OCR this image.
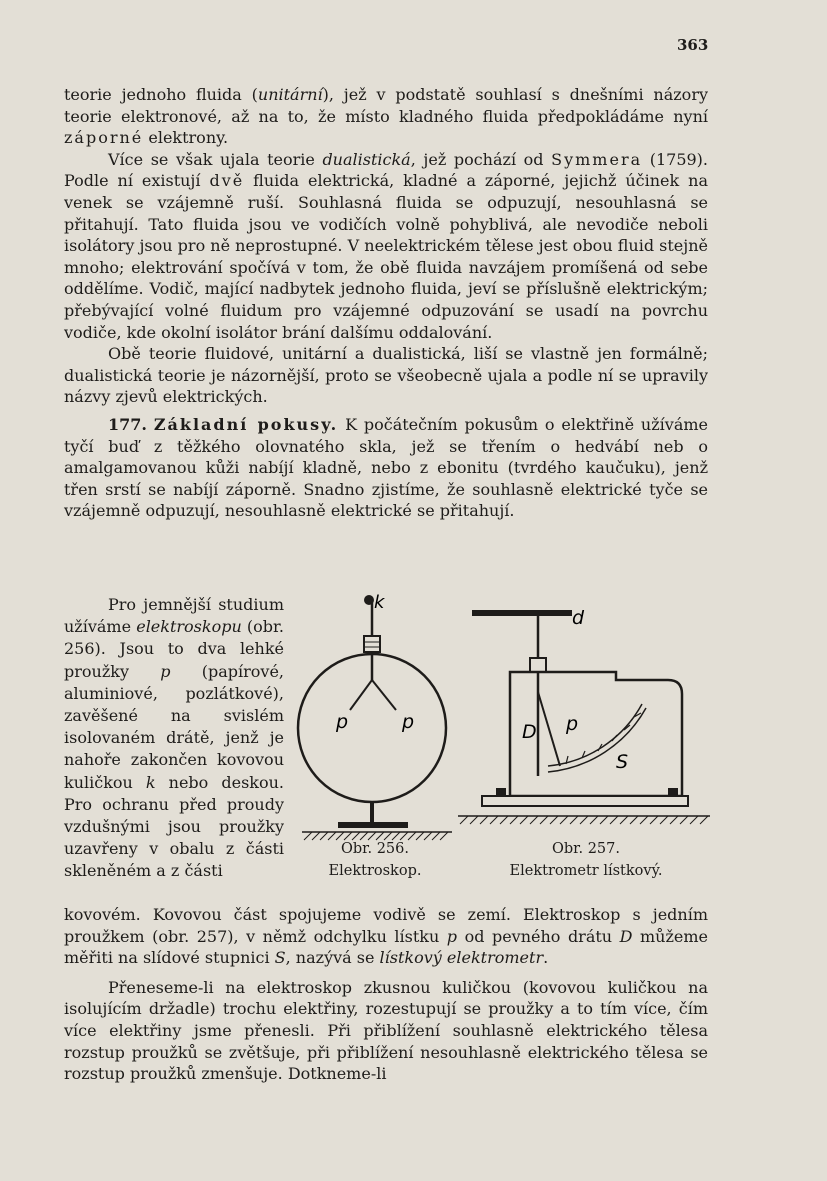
363

teorie jednoho fluida (unitární), jež v podstatě souhlasí s dnešními názory teorie elektronové, až na to, že místo kladného fluida předpokládáme nyní záporné elektrony.

Více se však ujala teorie dualistická, jež pochází od Symmera (1759). Podle ní existují dvě fluida elektrická, kladné a záporné, jejichž účinek na venek se vzájemně ruší. Souhlasná fluida se odpuzují, nesouhlasná se přitahují. Tato fluida jsou ve vodičích volně pohyblivá, ale nevodiče neboli isolátory jsou pro ně neprostupné. V neelektrickém tělese jest obou fluid stejně mnoho; elektrování spočívá v tom, že obě fluida navzájem promíšená od sebe oddělíme. Vodič, mající nadbytek jednoho fluida, jeví se příslušně elektrickým; přebývající volné fluidum pro vzájemné odpuzování se usadí na povrchu vodiče, kde okolní isolátor brání dalšímu oddalování.

Obě teorie fluidové, unitární a dualistická, liší se vlastně jen formálně; dualistická teorie je názornější, proto se všeobecně ujala a podle ní se upravily názvy zjevů elektrických.

177. Základní pokusy. K počátečním pokusům o elektřině užíváme tyčí buď z těžkého olovnatého skla, jež se třením o hedvábí neb o amalgamovanou kůži nabíjí kladně, nebo z ebonitu (tvrdého kaučuku), jenž třen srstí se nabíjí záporně. Snadno zjistíme, že souhlasně elektrické tyče se vzájemně odpuzují, nesouhlasně elektrické se přitahují.

Pro jemnější studium užíváme elektroskopu (obr. 256). Jsou to dva lehké proužky p (papírové, aluminiové, pozlátkové), zavěšené na svislém isolovaném drátě, jenž je nahoře zakončen kovovou kuličkou k nebo deskou. Pro ochranu před proudy vzdušnými jsou proužky uzavřeny v obalu z části skleněném a z části

k
p	p
d
D p
S
Obr. 256.
Elektroskop.
Obr. 257.
Elektrometr lístkový.

kovovém. Kovovou část spojujeme vodivě se zemí. Elektroskop s jedním proužkem (obr. 257), v němž odchylku lístku p od pevného drátu D můžeme měřiti na slídové stupnici S, nazývá se lístkový elektrometr.

Přeneseme-li na elektroskop zkusnou kuličkou (kovovou kuličkou na isolujícím držadle) trochu elektřiny, rozestupují se proužky a to tím více, čím více elektřiny jsme přenesli. Při přiblížení souhlasně elektrického tělesa rozstup proužků se zvětšuje, při přiblížení nesouhlasně elektrického tělesa se rozstup proužků zmenšuje. Dotkneme-li
